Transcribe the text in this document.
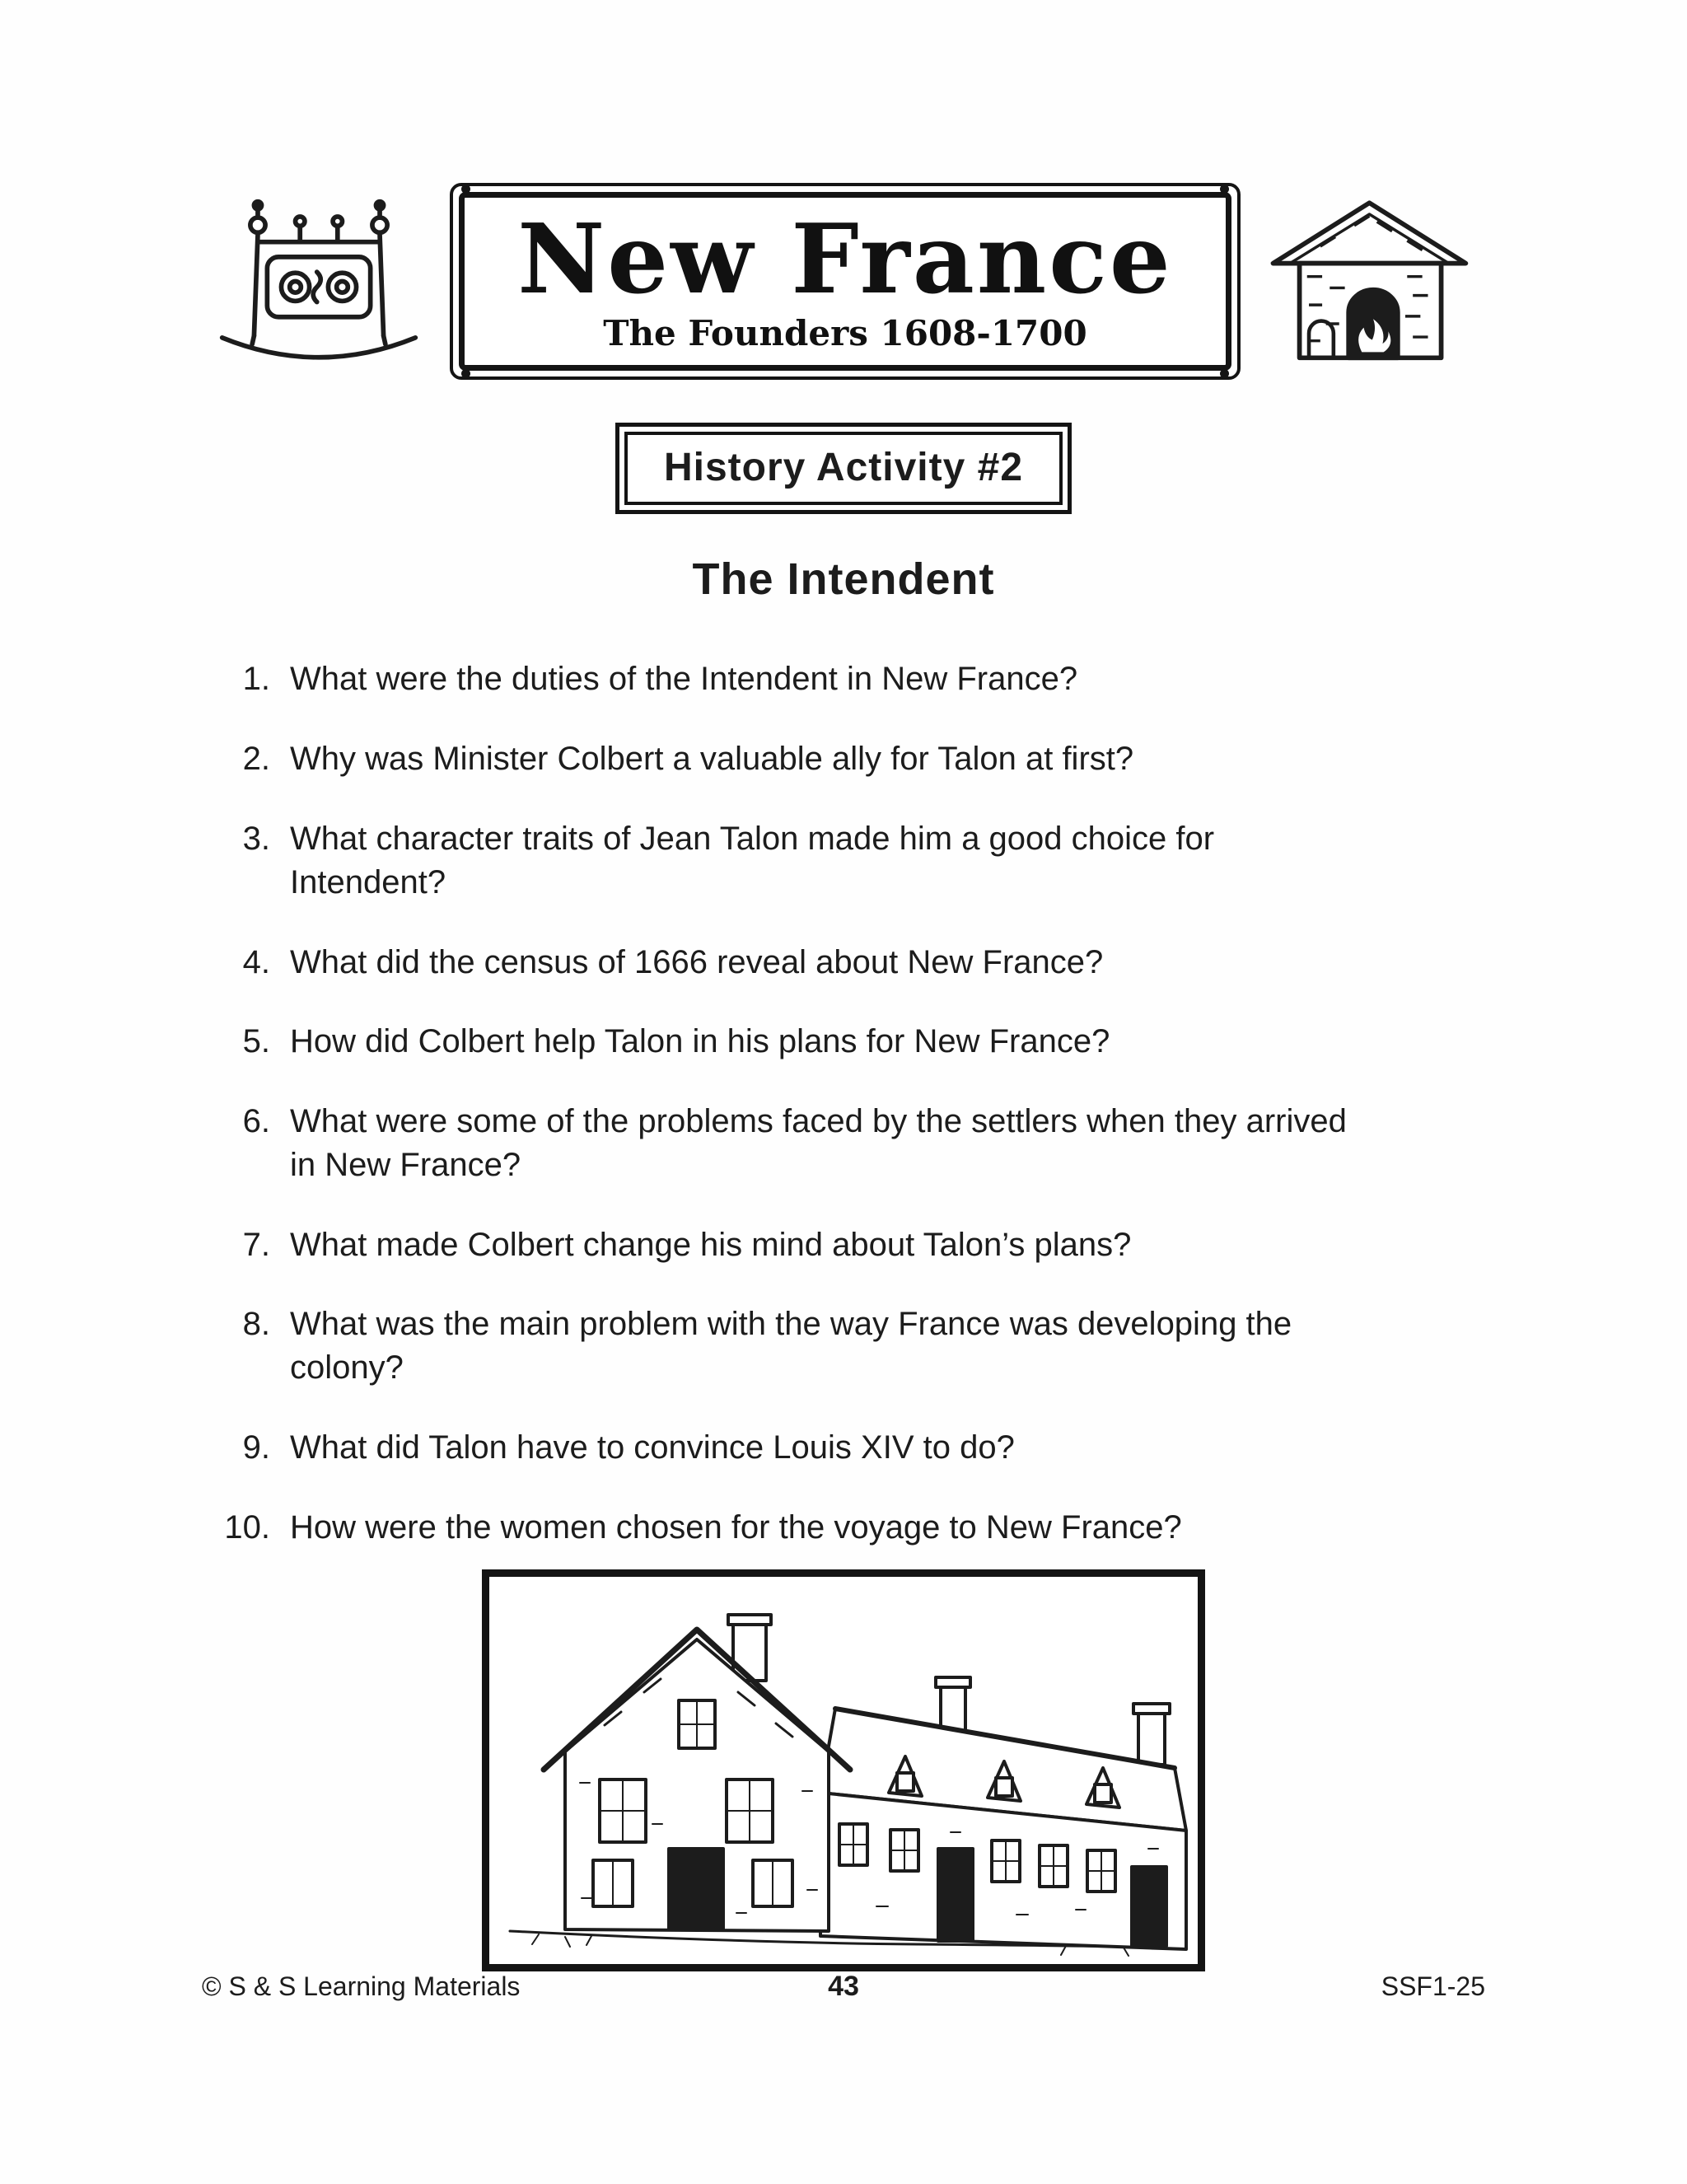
New France
The Founders 1608-1700
History Activity #2
The Intendent
1. What were the duties of the Intendent in New France?
2. Why was Minister Colbert a valuable ally for Talon at first?
3. What character traits of Jean Talon made him a good choice for Intendent?
4. What did the census of 1666 reveal about New France?
5. How did Colbert help Talon in his plans for New France?
6. What were some of the problems faced by the settlers when they arrived in New France?
7. What made Colbert change his mind about Talon’s plans?
8. What was the main problem with the way France was developing the colony?
9. What did Talon have to convince Louis XIV to do?
10. How were the women chosen for the voyage to New France?
© S & S Learning Materials	43	SSF1-25
